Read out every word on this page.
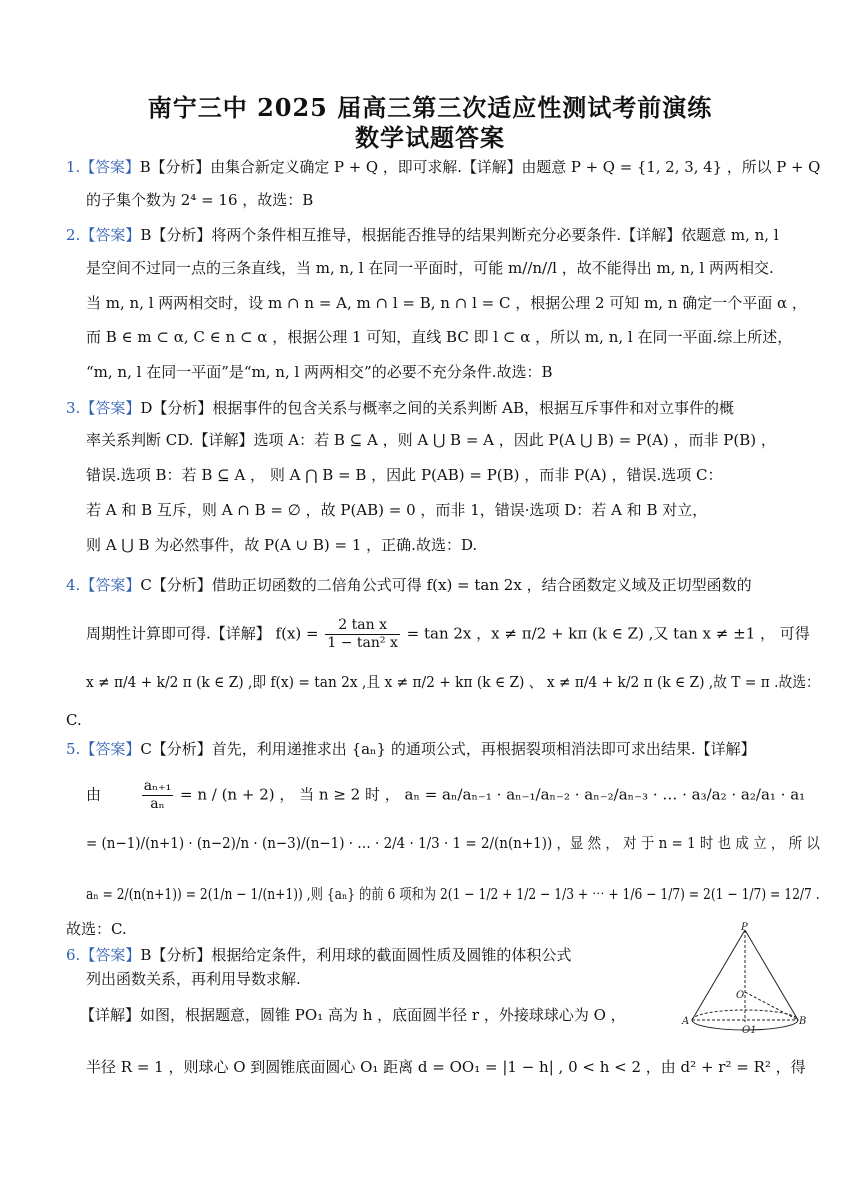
南宁三中 2025 届高三第三次适应性测试考前演练
数学试题答案
1.【答案】B【分析】由集合新定义确定 P + Q ，即可求解.【详解】由题意 P + Q = {1, 2, 3, 4} ，所以 P + Q
的子集个数为 2⁴ = 16 ，故选：B
2.【答案】B【分析】将两个条件相互推导，根据能否推导的结果判断充分必要条件.【详解】依题意 m, n, l
是空间不过同一点的三条直线，当 m, n, l 在同一平面时，可能 m//n//l ，故不能得出 m, n, l 两两相交.
当 m, n, l 两两相交时，设 m ∩ n = A, m ∩ l = B, n ∩ l = C ，根据公理 2 可知 m, n 确定一个平面 α ，
而 B ∈ m ⊂ α, C ∈ n ⊂ α ，根据公理 1 可知，直线 BC 即 l ⊂ α ，所以 m, n, l 在同一平面.综上所述，
“m, n, l 在同一平面”是“m, n, l 两两相交”的必要不充分条件.故选：B
3.【答案】D【分析】根据事件的包含关系与概率之间的关系判断 AB，根据互斥事件和对立事件的概
率关系判断 CD.【详解】选项 A：若 B ⊆ A ，则 A ⋃ B = A ，因此 P(A ⋃ B) = P(A) ，而非 P(B) ，
错误.选项 B：若 B ⊆ A ， 则 A ⋂ B = B ，因此 P(AB) = P(B) ，而非 P(A) ，错误.选项 C：
若 A 和 B 互斥，则 A ∩ B = ∅ ，故 P(AB) = 0 ，而非 1，错误·选项 D：若 A 和 B 对立，
则 A ⋃ B 为必然事件，故 P(A ∪ B) = 1 ，正确.故选：D.
4.【答案】C【分析】借助正切函数的二倍角公式可得 f(x) = tan 2x ，结合函数定义域及正切型函数的
周期性计算即可得.【详解】 $f(x) = \frac{\text{2 tan x}}{\text{1 − tan² x}} = \tan 2x$ ，x ≠ π/2 + kπ (k ∈ Z) ,又 tan x ≠ ±1 ， 可得
x ≠ π/4 + k/2 π (k ∈ Z) ,即 f(x) = tan 2x ,且 x ≠ π/2 + kπ (k ∈ Z) 、 x ≠ π/4 + k/2 π (k ∈ Z) ,故 T = π .故选：
C.
5.【答案】C【分析】首先，利用递推求出 {aₙ} 的通项公式，再根据裂项相消法即可求出结果.【详解】
由	$\frac{\text{aₙ₊₁}}{\text{aₙ}} = n / (n + 2)$ ， 当 n ≥ 2 时 ， aₙ = aₙ/aₙ₋₁ · aₙ₋₁/aₙ₋₂ · aₙ₋₂/aₙ₋₃ · … · a₃/a₂ · a₂/a₁ · a₁
= (n−1)/(n+1) · (n−2)/n · (n−3)/(n−1) · … · 2/4 · 1/3 · 1 = 2/(n(n+1)) ，显 然 ， 对 于 n = 1 时 也 成 立 ， 所 以
aₙ = 2/(n(n+1)) = 2(1/n − 1/(n+1)) ,则 {aₙ} 的前 6 项和为 2(1 − 1/2 + 1/2 − 1/3 + ⋯ + 1/6 − 1/7) = 2(1 − 1/7) = 12/7 .
故选：C.
6.【答案】B【分析】根据给定条件，利用球的截面圆性质及圆锥的体积公式
列出函数关系，再利用导数求解.
【详解】如图，根据题意，圆锥 PO₁ 高为 h ，底面圆半径 r ，外接球球心为 O ，
半径 R = 1 ，则球心 O 到圆锥底面圆心 O₁ 距离 d = OO₁ = |1 − h| , 0 < h < 2 ，由 d² + r² = R² ，得
P
O
O1
A	B
